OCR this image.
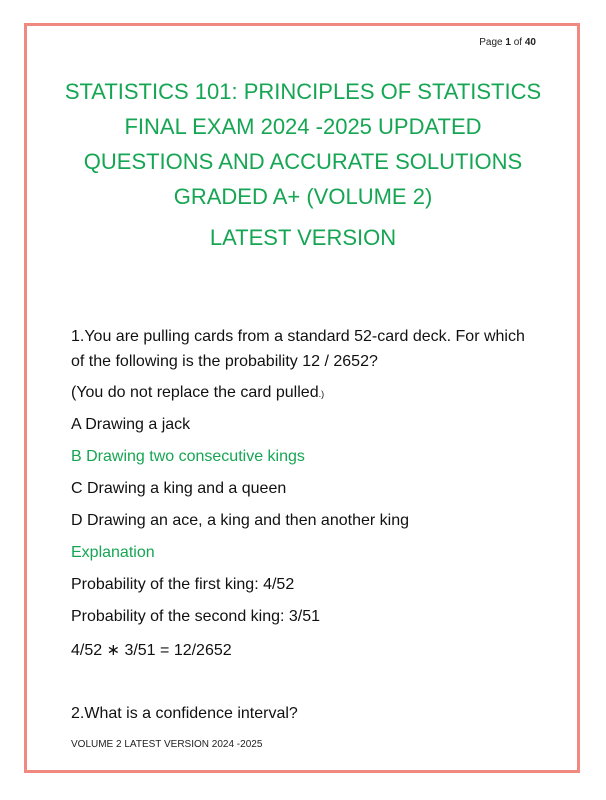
Page 1 of 40
STATISTICS 101: PRINCIPLES OF STATISTICS
FINAL EXAM 2024 -2025 UPDATED
QUESTIONS AND ACCURATE SOLUTIONS
GRADED A+ (VOLUME 2)
LATEST VERSION
1.You are pulling cards from a standard 52-card deck. For which of the following is the probability 12 / 2652?
(You do not replace the card pulled.)
A Drawing a jack
B Drawing two consecutive kings
C Drawing a king and a queen
D Drawing an ace, a king and then another king
Explanation
Probability of the first king: 4/52
Probability of the second king: 3/51
4/52 ∗ 3/51 = 12/2652
2.What is a confidence interval?
VOLUME 2 LATEST VERSION 2024 -2025
